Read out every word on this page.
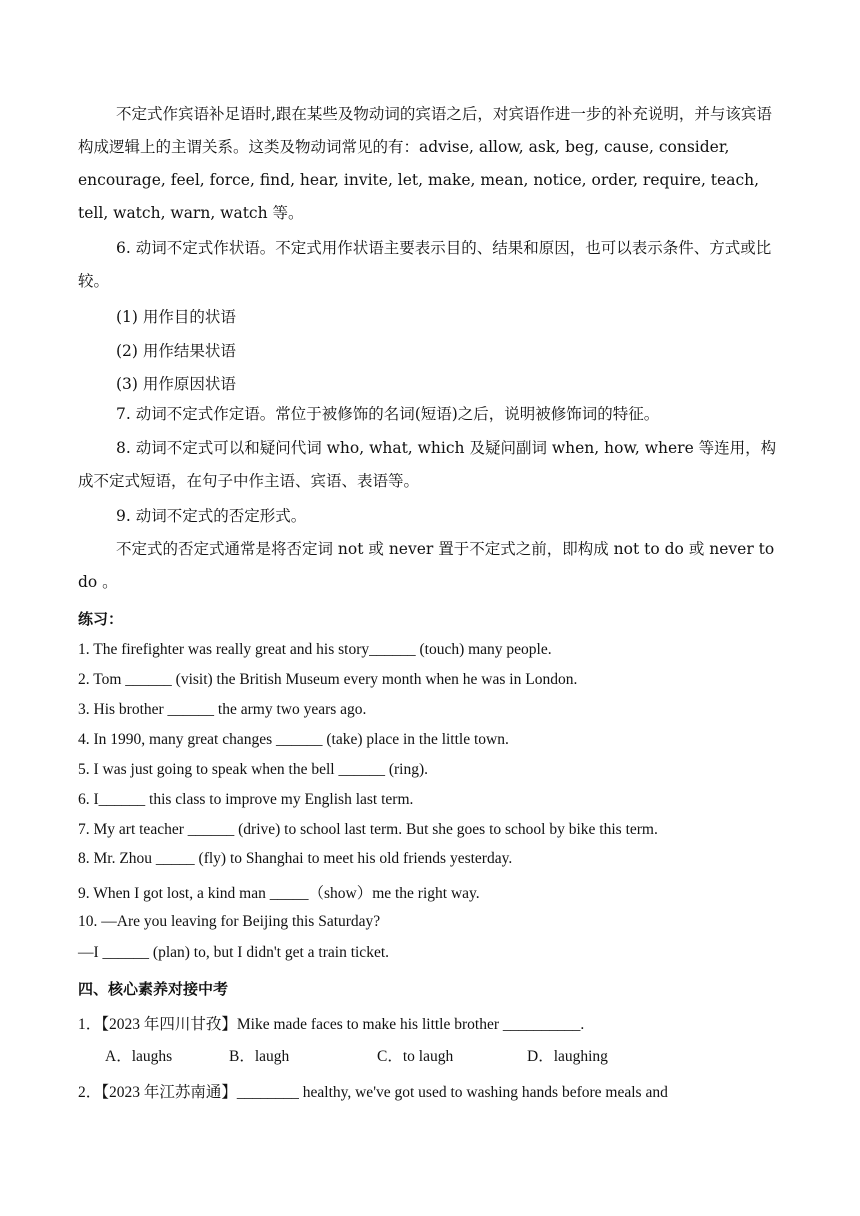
不定式作宾语补足语时,跟在某些及物动词的宾语之后，对宾语作进一步的补充说明，并与该宾语构成逻辑上的主谓关系。这类及物动词常见的有：advise, allow, ask, beg, cause, consider, encourage, feel, force, find, hear, invite, let, make, mean, notice, order, require, teach, tell, watch, warn, watch 等。
6. 动词不定式作状语。不定式用作状语主要表示目的、结果和原因，也可以表示条件、方式或比较。
(1) 用作目的状语
(2) 用作结果状语
(3) 用作原因状语
7. 动词不定式作定语。常位于被修饰的名词(短语)之后，说明被修饰词的特征。
8. 动词不定式可以和疑问代词 who, what, which 及疑问副词 when, how, where 等连用，构成不定式短语，在句子中作主语、宾语、表语等。
9. 动词不定式的否定形式。
不定式的否定式通常是将否定词 not 或 never 置于不定式之前，即构成 not to do 或 never to do 。
练习：
1. The firefighter was really great and his story______ (touch) many people.
2. Tom ______ (visit) the British Museum every month when he was in London.
3. His brother ______ the army two years ago.
4. In 1990, many great changes ______ (take) place in the little town.
5. I was just going to speak when the bell ______ (ring).
6. I______ this class to improve my English last term.
7. My art teacher ______ (drive) to school last term. But she goes to school by bike this term.
8. Mr. Zhou _____ (fly) to Shanghai to meet his old friends yesterday.
9. When I got lost, a kind man _____（show）me the right way.
10. —Are you leaving for Beijing this Saturday?
—I ______ (plan) to, but I didn't get a train ticket.
四、核心素养对接中考
1．【2023 年四川甘孜】Mike made faces to make his little brother __________.
A．laughs	B．laugh	C．to laugh	D．laughing
2．【2023 年江苏南通】________ healthy, we've got used to washing hands before meals and
